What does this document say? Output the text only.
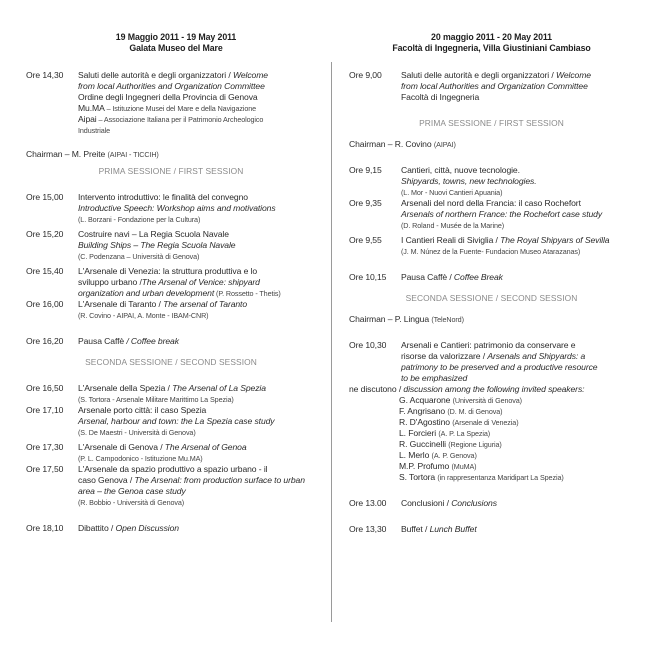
19 Maggio 2011 - 19 May 2011
Galata Museo del Mare
Ore 14,30	Saluti delle autorità e degli organizzatori / Welcome
from local Authorities and Organization Committee
Ordine degli Ingegneri della Provincia di Genova
Mu.MA – Istituzione Musei del Mare e della Navigazione
Aipai – Associazione Italiana per il Patrimonio Archeologico
Industriale
Chairman – M. Preite (AIPAI - TICCIH)
PRIMA SESSIONE / FIRST SESSION
Ore 15,00	Intervento introduttivo: le finalità del convegno
Introductive Speech: Workshop aims and motivations
(L. Borzani - Fondazione per la Cultura)
Ore 15,20	Costruire navi – La Regia Scuola Navale
Building Ships – The Regia Scuola Navale
(C. Podenzana – Università di Genova)
Ore 15,40	L'Arsenale di Venezia: la struttura produttiva e lo
sviluppo urbano /The Arsenal of Venice: shipyard
organization and urban development (P. Rossetto - Thetis)
Ore 16,00	L'Arsenale di Taranto / The arsenal of Taranto
(R. Covino - AIPAI, A. Monte - IBAM-CNR)
Ore 16,20	Pausa Caffè / Coffee break
SECONDA SESSIONE / SECOND SESSION
Ore 16,50	L'Arsenale della Spezia / The Arsenal of La Spezia
(S. Tortora - Arsenale Militare Marittimo La Spezia)
Ore 17,10	Arsenale porto città: il caso Spezia
Arsenal, harbour and town: the La Spezia case study
(S. De Maestri - Università di Genova)
Ore 17,30	L'Arsenale di Genova / The Arsenal of Genoa
(P. L. Campodonico - Istituzione Mu.MA)
Ore 17,50	L'Arsenale da spazio produttivo a spazio urbano - il
caso Genova / The Arsenal: from production surface to urban
area – the Genoa case study
(R. Bobbio - Università di Genova)
Ore 18,10	Dibattito / Open Discussion
20 maggio 2011 - 20 May 2011
Facoltà di Ingegneria, Villa Giustiniani Cambiaso
Ore 9,00	Saluti delle autorità e degli organizzatori / Welcome
from local Authorities and Organization Committee
Facoltà di Ingegneria
PRIMA SESSIONE / FIRST SESSION
Chairman – R. Covino (AIPAI)
Ore 9,15	Cantieri, città, nuove tecnologie.
Shipyards, towns, new technologies.
(L. Mor - Nuovi Cantieri Apuania)
Ore 9,35	Arsenali del nord della Francia: il caso Rochefort
Arsenals of northern France: the Rochefort case study
(D. Roland - Musée de la Marine)
Ore 9,55	I Cantieri Reali di Siviglia / The Royal Shipyars of Sevilla
(J. M. Núnez de la Fuente- Fundacion Museo Atarazanas)
Ore 10,15	Pausa Caffè / Coffee Break
SECONDA SESSIONE / SECOND SESSION
Chairman – P. Lingua (TeleNord)
Ore 10,30	Arsenali e Cantieri: patrimonio da conservare e
risorse da valorizzare / Arsenals and Shipyards: a
patrimony to be preserved and a productive resource
to be emphasized
ne discutono / discussion among the following invited speakers:
G. Acquarone (Università di Genova)
F. Angrisano (D. M. di Genova)
R. D'Agostino (Arsenale di Venezia)
L. Forcieri (A. P. La Spezia)
R. Guccinelli (Regione Liguria)
L. Merlo (A. P. Genova)
M.P. Profumo (MuMA)
S. Tortora (in rappresentanza Maridipart La Spezia)
Ore 13.00	Conclusioni / Conclusions
Ore 13,30	Buffet / Lunch Buffet
